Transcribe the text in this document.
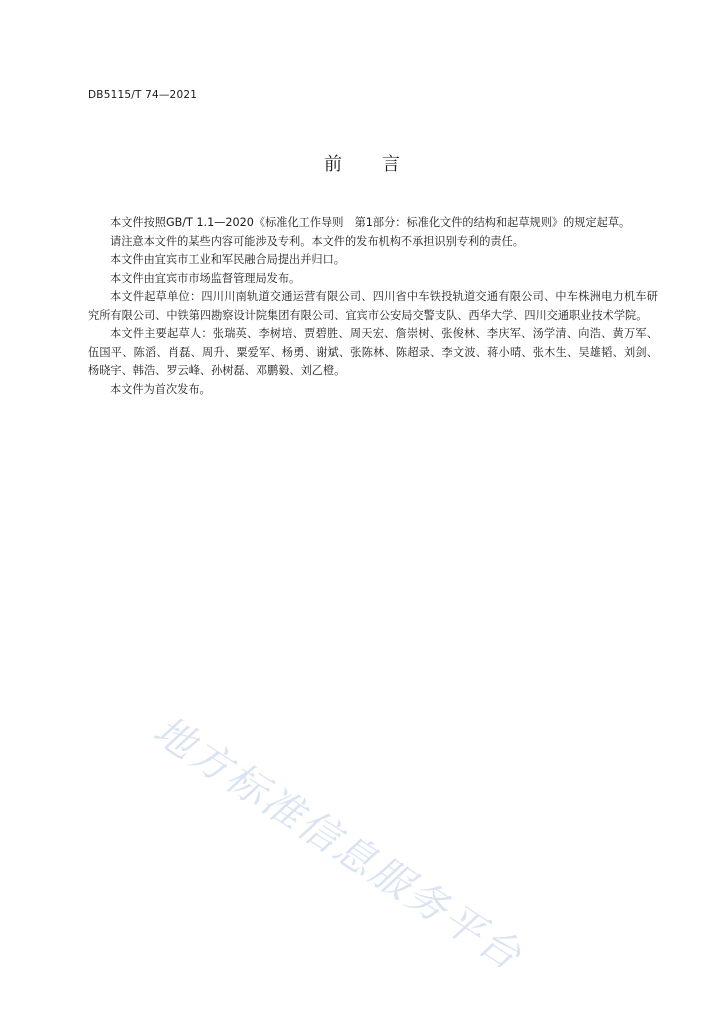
DB5115/T 74—2021
前 言

本文件按照GB/T 1.1—2020《标准化工作导则　第1部分：标准化文件的结构和起草规则》的规定起草。

请注意本文件的某些内容可能涉及专利。本文件的发布机构不承担识别专利的责任。

本文件由宜宾市工业和军民融合局提出并归口。

本文件由宜宾市市场监督管理局发布。

本文件起草单位：四川川南轨道交通运营有限公司、四川省中车铁投轨道交通有限公司、中车株洲电力机车研究所有限公司、中铁第四勘察设计院集团有限公司、宜宾市公安局交警支队、西华大学、四川交通职业技术学院。

本文件主要起草人：张瑞英、李树培、贾碧胜、周天宏、詹崇树、张俊林、李庆军、汤学清、向浩、黄万军、伍国平、陈滔、肖磊、周升、粟爱军、杨勇、谢斌、张陈林、陈超录、李文波、蒋小晴、张木生、吴雄韬、刘剑、杨晓宇、韩浩、罗云峰、孙树磊、邓鹏毅、刘乙橙。

本文件为首次发布。

地方标准信息服务平台
